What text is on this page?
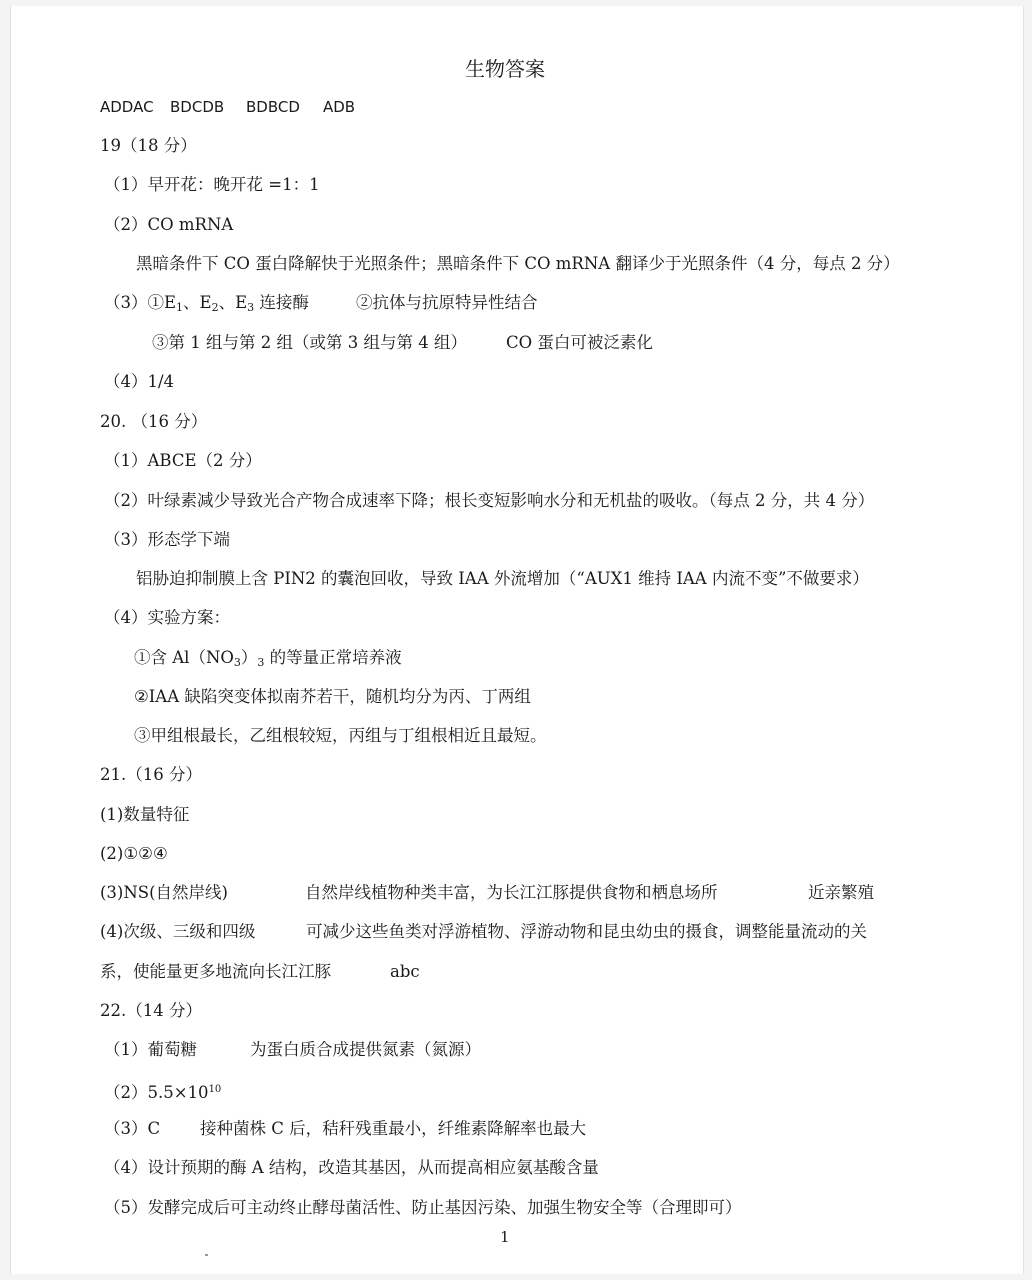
生物答案
ADDAC BDCDB BDBCD ADB
19（18 分）
（1）早开花：晚开花 =1：1
（2）CO mRNA
黑暗条件下 CO 蛋白降解快于光照条件；黑暗条件下 CO mRNA 翻译少于光照条件（4 分，每点 2 分）
$(3)①E_1$、$E_2$、$E_3$ 连接酶	②抗体与抗原特异性结合
③第 1 组与第 2 组（或第 3 组与第 4 组） CO 蛋白可被泛素化
（4）1/4
20. （16 分）
（1）ABCE（2 分）
（2）叶绿素减少导致光合产物合成速率下降；根长变短影响水分和无机盐的吸收。（每点 2 分，共 4 分）
（3）形态学下端
铝胁迫抑制膜上含 PIN2 的囊泡回收，导致 IAA 外流增加（“AUX1 维持 IAA 内流不变”不做要求）
（4）实验方案：
①含 $Al(NO_3)_3$ 的等量正常培养液
②IAA 缺陷突变体拟南芥若干，随机均分为丙、丁两组
③甲组根最长，乙组根较短，丙组与丁组根相近且最短。
21.（16 分）
(1)数量特征
(2)①②④
(3)NS(自然岸线)	自然岸线植物种类丰富，为长江江豚提供食物和栖息场所	近亲繁殖
(4)次级、三级和四级	可减少这些鱼类对浮游植物、浮游动物和昆虫幼虫的摄食，调整能量流动的关
系，使能量更多地流向长江江豚	abc
22.（14 分）
（1）葡萄糖	为蛋白质合成提供氮素（氮源）
$(2)5.5\times 10^{10}$
（3）C 接种菌株 C 后，秸秆残重最小，纤维素降解率也最大
（4）设计预期的酶 A 结构，改造其基因，从而提高相应氨基酸含量
（5）发酵完成后可主动终止酵母菌活性、防止基因污染、加强生物安全等（合理即可）
1
